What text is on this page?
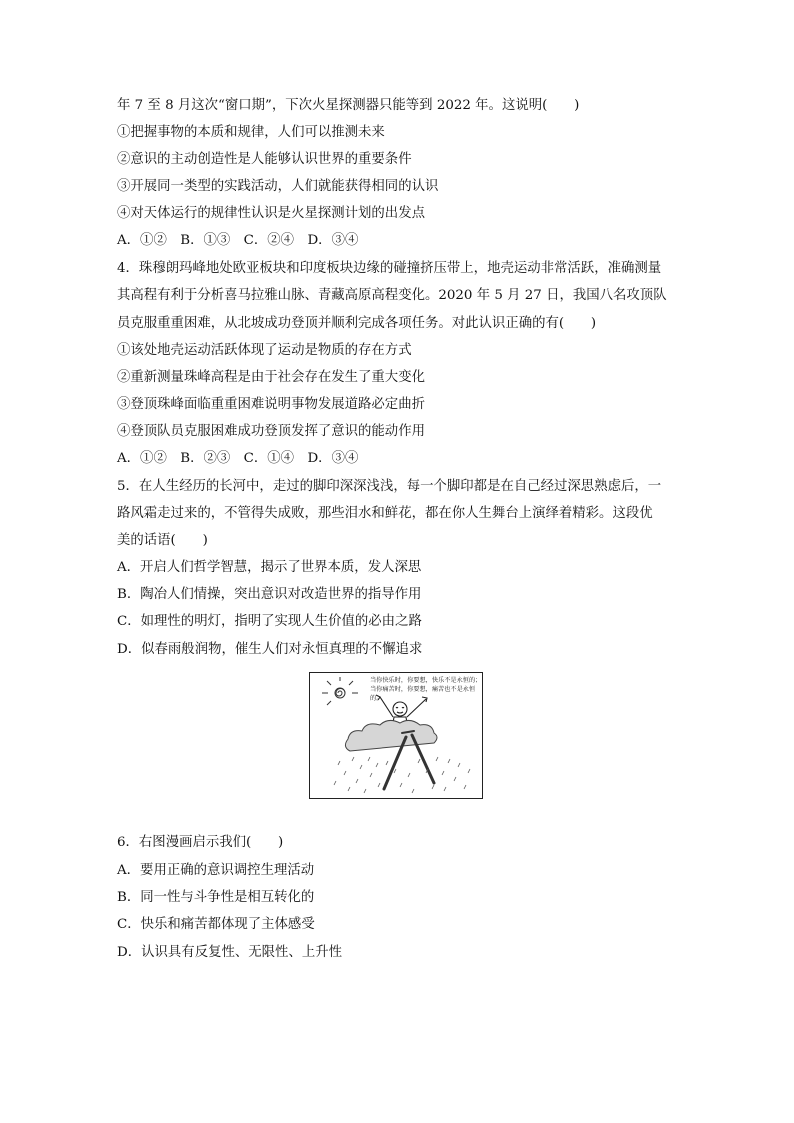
年 7 至 8 月这次“窗口期”，下次火星探测器只能等到 2022 年。这说明(　　)
①把握事物的本质和规律，人们可以推测未来
②意识的主动创造性是人能够认识世界的重要条件
③开展同一类型的实践活动，人们就能获得相同的认识
④对天体运行的规律性认识是火星探测计划的出发点
A．①②　B．①③　C．②④　D．③④
4．珠穆朗玛峰地处欧亚板块和印度板块边缘的碰撞挤压带上，地壳运动非常活跃，准确测量
其高程有利于分析喜马拉雅山脉、青藏高原高程变化。2020 年 5 月 27 日，我国八名攻顶队
员克服重重困难，从北坡成功登顶并顺利完成各项任务。对此认识正确的有(　　)
①该处地壳运动活跃体现了运动是物质的存在方式
②重新测量珠峰高程是由于社会存在发生了重大变化
③登顶珠峰面临重重困难说明事物发展道路必定曲折
④登顶队员克服困难成功登顶发挥了意识的能动作用
A．①②　B．②③　C．①④　D．③④
5．在人生经历的长河中，走过的脚印深深浅浅，每一个脚印都是在自己经过深思熟虑后，一
路风霜走过来的，不管得失成败，那些泪水和鲜花，都在你人生舞台上演绎着精彩。这段优
美的话语(　　)
A．开启人们哲学智慧，揭示了世界本质，发人深思
B．陶冶人们情操，突出意识对改造世界的指导作用
C．如理性的明灯，指明了实现人生价值的必由之路
D．似春雨般润物，催生人们对永恒真理的不懈追求
当你快乐时，你要想，快乐不是永恒的；当你痛苦时，你要想，痛苦也不是永恒的。
6．右图漫画启示我们(　　)
A．要用正确的意识调控生理活动
B．同一性与斗争性是相互转化的
C．快乐和痛苦都体现了主体感受
D．认识具有反复性、无限性、上升性
